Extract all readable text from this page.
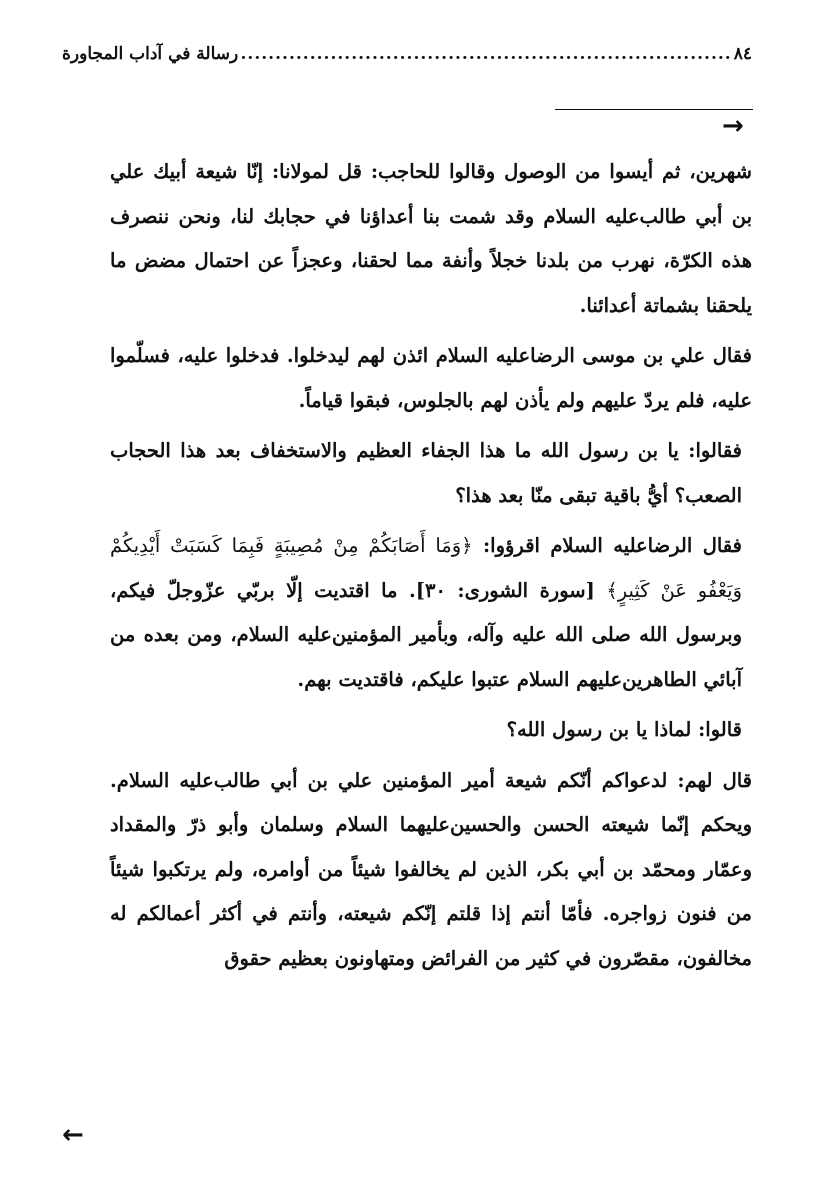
٨٤
.....
رسالة في آداب المجاورة
→

شهرين، ثم أيسوا من الوصول وقالوا للحاجب: قل لمولانا: إنّا شيعة أبيك علي بن أبي طالب‌عليه السلام وقد شمت بنا أعداؤنا في حجابك لنا، ونحن ننصرف هذه الكرّة، نهرب من بلدنا خجلاً وأنفة مما لحقنا، وعجزاً عن احتمال مضض ما يلحقنا بشماتة أعدائنا.

فقال علي بن موسى الرضاعليه السلام ائذن لهم ليدخلوا. فدخلوا عليه، فسلّموا عليه، فلم يردّ عليهم ولم يأذن لهم بالجلوس، فبقوا قياماً.

فقالوا: يا بن رسول الله ما هذا الجفاء العظيم والاستخفاف بعد هذا الحجاب الصعب؟ أيُّ باقية تبقى منّا بعد هذا؟

فقال الرضاعليه السلام اقرؤوا: ﴿وَمَا أَصَابَكُمْ مِنْ مُصِيبَةٍ فَبِمَا كَسَبَتْ أَيْدِيكُمْ وَيَعْفُو عَنْ كَثِيرٍ﴾ [سورة الشورى: ٣٠]. ما اقتديت إلّا بربّي عزّوجلّ فيكم، وبرسول الله صلى الله عليه وآله، وبأمير المؤمنين‌عليه السلام، ومن بعده من آبائي الطاهرين‌عليهم السلام عتبوا عليكم، فاقتديت بهم.

قالوا: لماذا يا بن رسول الله؟

قال لهم: لدعواكم أنّكم شيعة أمير المؤمنين علي بن أبي طالب‌عليه السلام. ويحكم إنّما شيعته الحسن والحسين‌عليهما السلام وسلمان وأبو ذرّ والمقداد وعمّار ومحمّد بن أبي بكر، الذين لم يخالفوا شيئاً من أوامره، ولم يرتكبوا شيئاً من فنون زواجره. فأمّا أنتم إذا قلتم إنّكم شيعته، وأنتم في أكثر أعمالكم له مخالفون، مقصّرون في كثير من الفرائض ومتهاونون بعظيم حقوق

←
